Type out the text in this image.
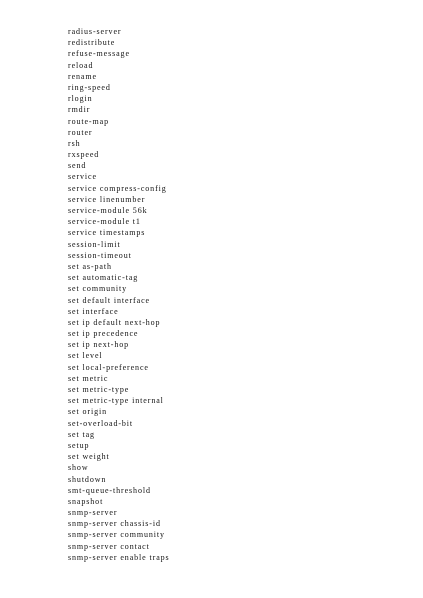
radius-server
redistribute
refuse-message
reload
rename
ring-speed
rlogin
rmdir
route-map
router
rsh
rxspeed
send
service
service compress-config
service linenumber
service-module 56k
service-module t1
service timestamps
session-limit
session-timeout
set as-path
set automatic-tag
set community
set default interface
set interface
set ip default next-hop
set ip precedence
set ip next-hop
set level
set local-preference
set metric
set metric-type
set metric-type internal
set origin
set-overload-bit
set tag
setup
set weight
show
shutdown
smt-queue-threshold
snapshot
snmp-server
snmp-server chassis-id
snmp-server community
snmp-server contact
snmp-server enable traps
